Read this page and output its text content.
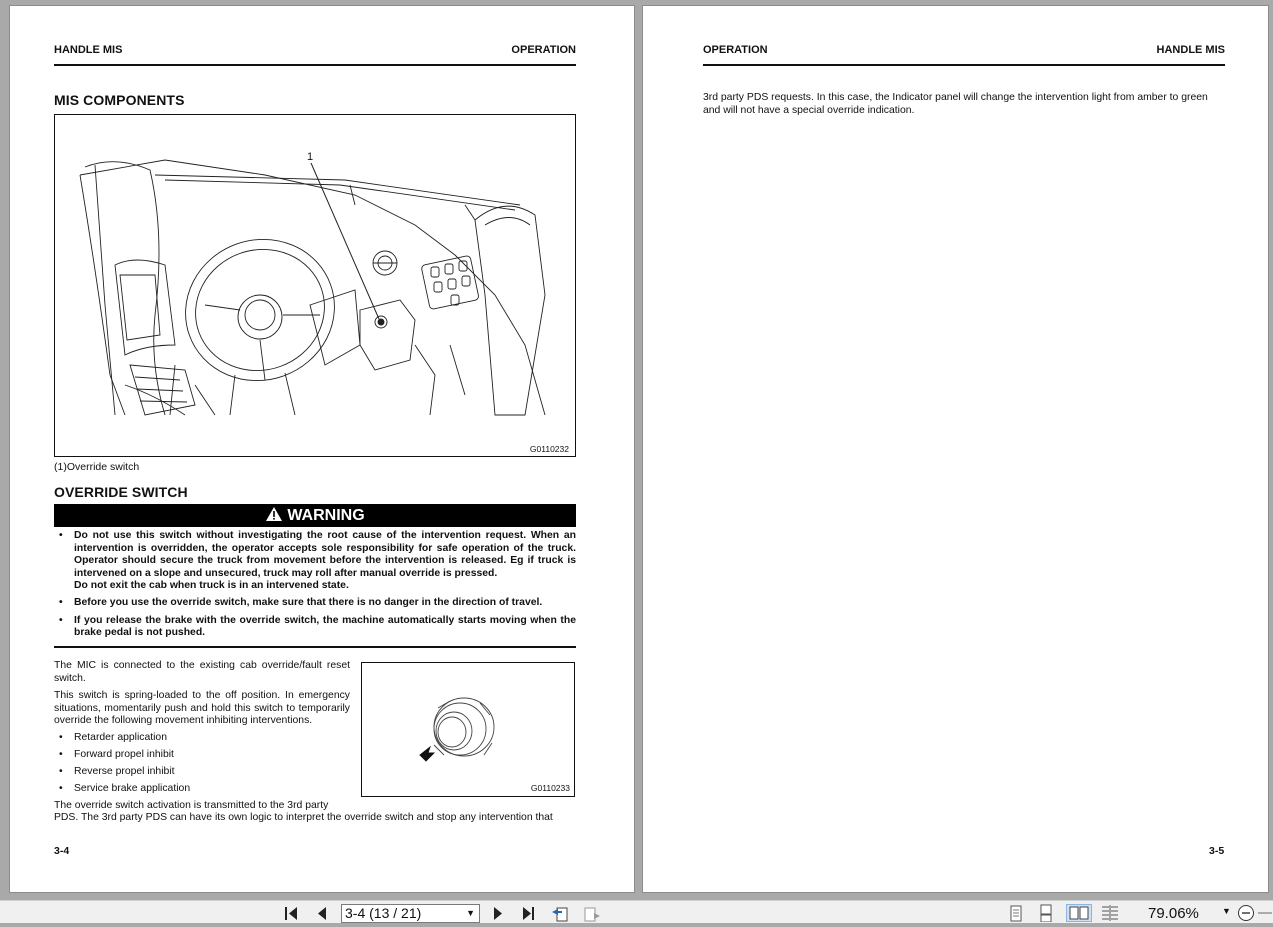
HANDLE MIS	OPERATION
MIS COMPONENTS
1
G0110232
(1)Override switch
OVERRIDE SWITCH
WARNING
• Do not use this switch without investigating the root cause of the intervention request. When an intervention is overridden, the operator accepts sole responsibility for safe operation of the truck. Operator should secure the truck from movement before the intervention is released. Eg if truck is intervened on a slope and unsecured, truck may roll after manual override is pressed.
Do not exit the cab when truck is in an intervened state.
• Before you use the override switch, make sure that there is no danger in the direction of travel.
• If you release the brake with the override switch, the machine automatically starts moving when the brake pedal is not pushed.
The MIC is connected to the existing cab override/fault reset switch.
This switch is spring-loaded to the off position. In emergency situations, momentarily push and hold this switch to temporarily override the following movement inhibiting interventions.
• Retarder application
• Forward propel inhibit
• Reverse propel inhibit
• Service brake application
The override switch activation is transmitted to the 3rd party
PDS. The 3rd party PDS can have its own logic to interpret the override switch and stop any intervention that
G0110233
3-4
OPERATION	HANDLE MIS
3rd party PDS requests. In this case, the Indicator panel will change the intervention light from amber to green
and will not have a special override indication.
3-5
3-4 (13 / 21)	▼	79.06%	▼
